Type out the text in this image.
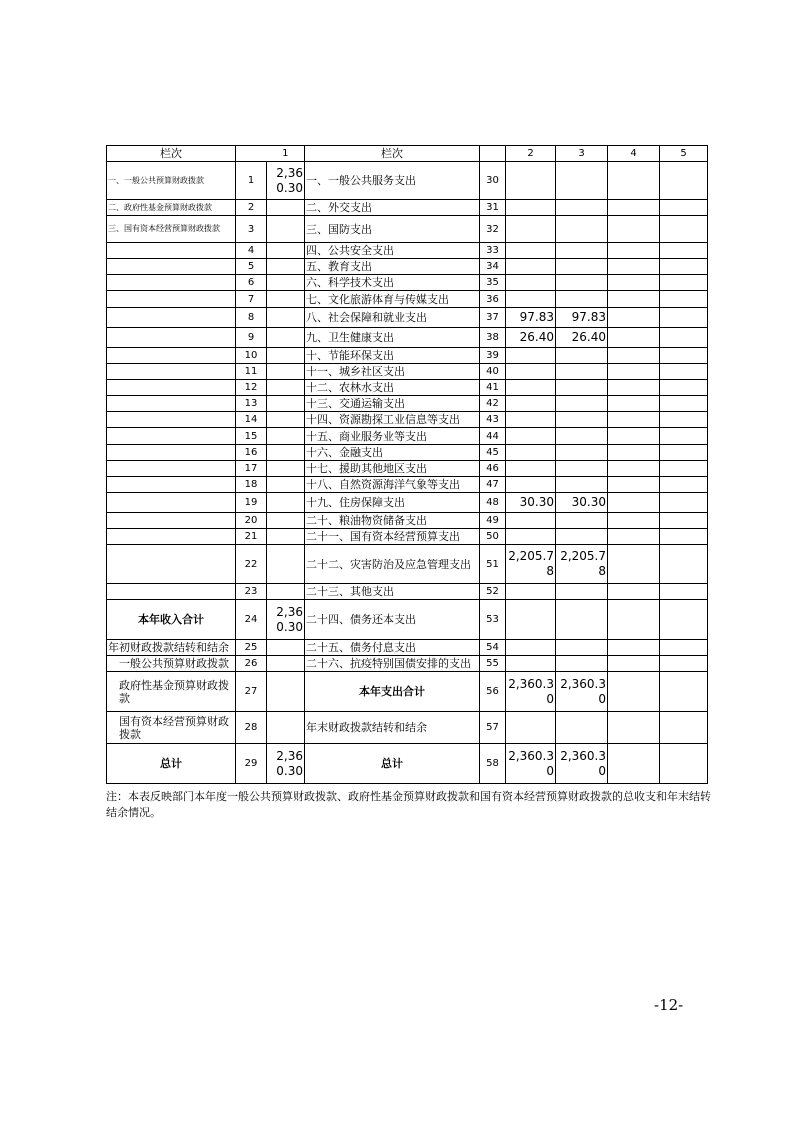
栏次		1	栏次		2	3	4	5
一、一般公共预算财政拨款	1	2,360.30	一、一般公共服务支出	30				
二、政府性基金预算财政拨款	2		二、外交支出	31				
三、国有资本经营预算财政拨款	3		三、国防支出	32				
	4		四、公共安全支出	33				
	5		五、教育支出	34				
	6		六、科学技术支出	35				
	7		七、文化旅游体育与传媒支出	36				
	8		八、社会保障和就业支出	37	97.83	97.83		
	9		九、卫生健康支出	38	26.40	26.40		
	10		十、节能环保支出	39				
	11		十一、城乡社区支出	40				
	12		十二、农林水支出	41				
	13		十三、交通运输支出	42				
	14		十四、资源勘探工业信息等支出	43				
	15		十五、商业服务业等支出	44				
	16		十六、金融支出	45				
	17		十七、援助其他地区支出	46				
	18		十八、自然资源海洋气象等支出	47				
	19		十九、住房保障支出	48	30.30	30.30		
	20		二十、粮油物资储备支出	49				
	21		二十一、国有资本经营预算支出	50				
	22		二十二、灾害防治及应急管理支出	51	2,205.78	2,205.78		
	23		二十三、其他支出	52				
本年收入合计	24	2,360.30	二十四、债务还本支出	53				
年初财政拨款结转和结余	25		二十五、债务付息支出	54				
一般公共预算财政拨款	26		二十六、抗疫特别国债安排的支出	55				
政府性基金预算财政拨款	27		本年支出合计	56	2,360.30	2,360.30		
国有资本经营预算财政拨款	28		年末财政拨款结转和结余	57				
总计	29	2,360.30	总计	58	2,360.30	2,360.30		
注：本表反映部门本年度一般公共预算财政拨款、政府性基金预算财政拨款和国有资本经营预算财政拨款的总收支和年末结转结余情况。
-12-
